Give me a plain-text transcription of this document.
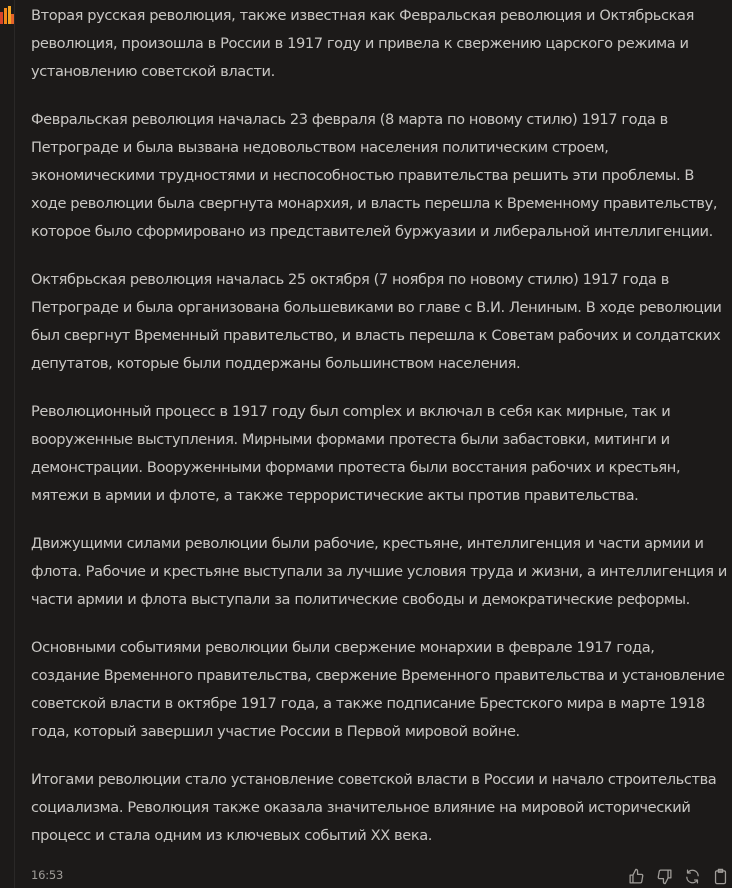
Вторая русская революция, также известная как Февральская революция и Октябрьская революция, произошла в России в 1917 году и привела к свержению царского режима и установлению советской власти.

Февральская революция началась 23 февраля (8 марта по новому стилю) 1917 года в Петрограде и была вызвана недовольством населения политическим строем, экономическими трудностями и неспособностью правительства решить эти проблемы. В ходе революции была свергнута монархия, и власть перешла к Временному правительству, которое было сформировано из представителей буржуазии и либеральной интеллигенции.

Октябрьская революция началась 25 октября (7 ноября по новому стилю) 1917 года в Петрограде и была организована большевиками во главе с В.И. Лениным. В ходе революции был свергнут Временный правительство, и власть перешла к Советам рабочих и солдатских депутатов, которые были поддержаны большинством населения.

Революционный процесс в 1917 году был complex и включал в себя как мирные, так и вооруженные выступления. Мирными формами протеста были забастовки, митинги и демонстрации. Вооруженными формами протеста были восстания рабочих и крестьян, мятежи в армии и флоте, а также террористические акты против правительства.

Движущими силами революции были рабочие, крестьяне, интеллигенция и части армии и флота. Рабочие и крестьяне выступали за лучшие условия труда и жизни, а интеллигенция и части армии и флота выступали за политические свободы и демократические реформы.

Основными событиями революции были свержение монархии в феврале 1917 года, создание Временного правительства, свержение Временного правительства и установление советской власти в октябре 1917 года, а также подписание Брестского мира в марте 1918 года, который завершил участие России в Первой мировой войне.

Итогами революции стало установление советской власти в России и начало строительства социализма. Революция также оказала значительное влияние на мировой исторический процесс и стала одним из ключевых событий XX века.

16:53
